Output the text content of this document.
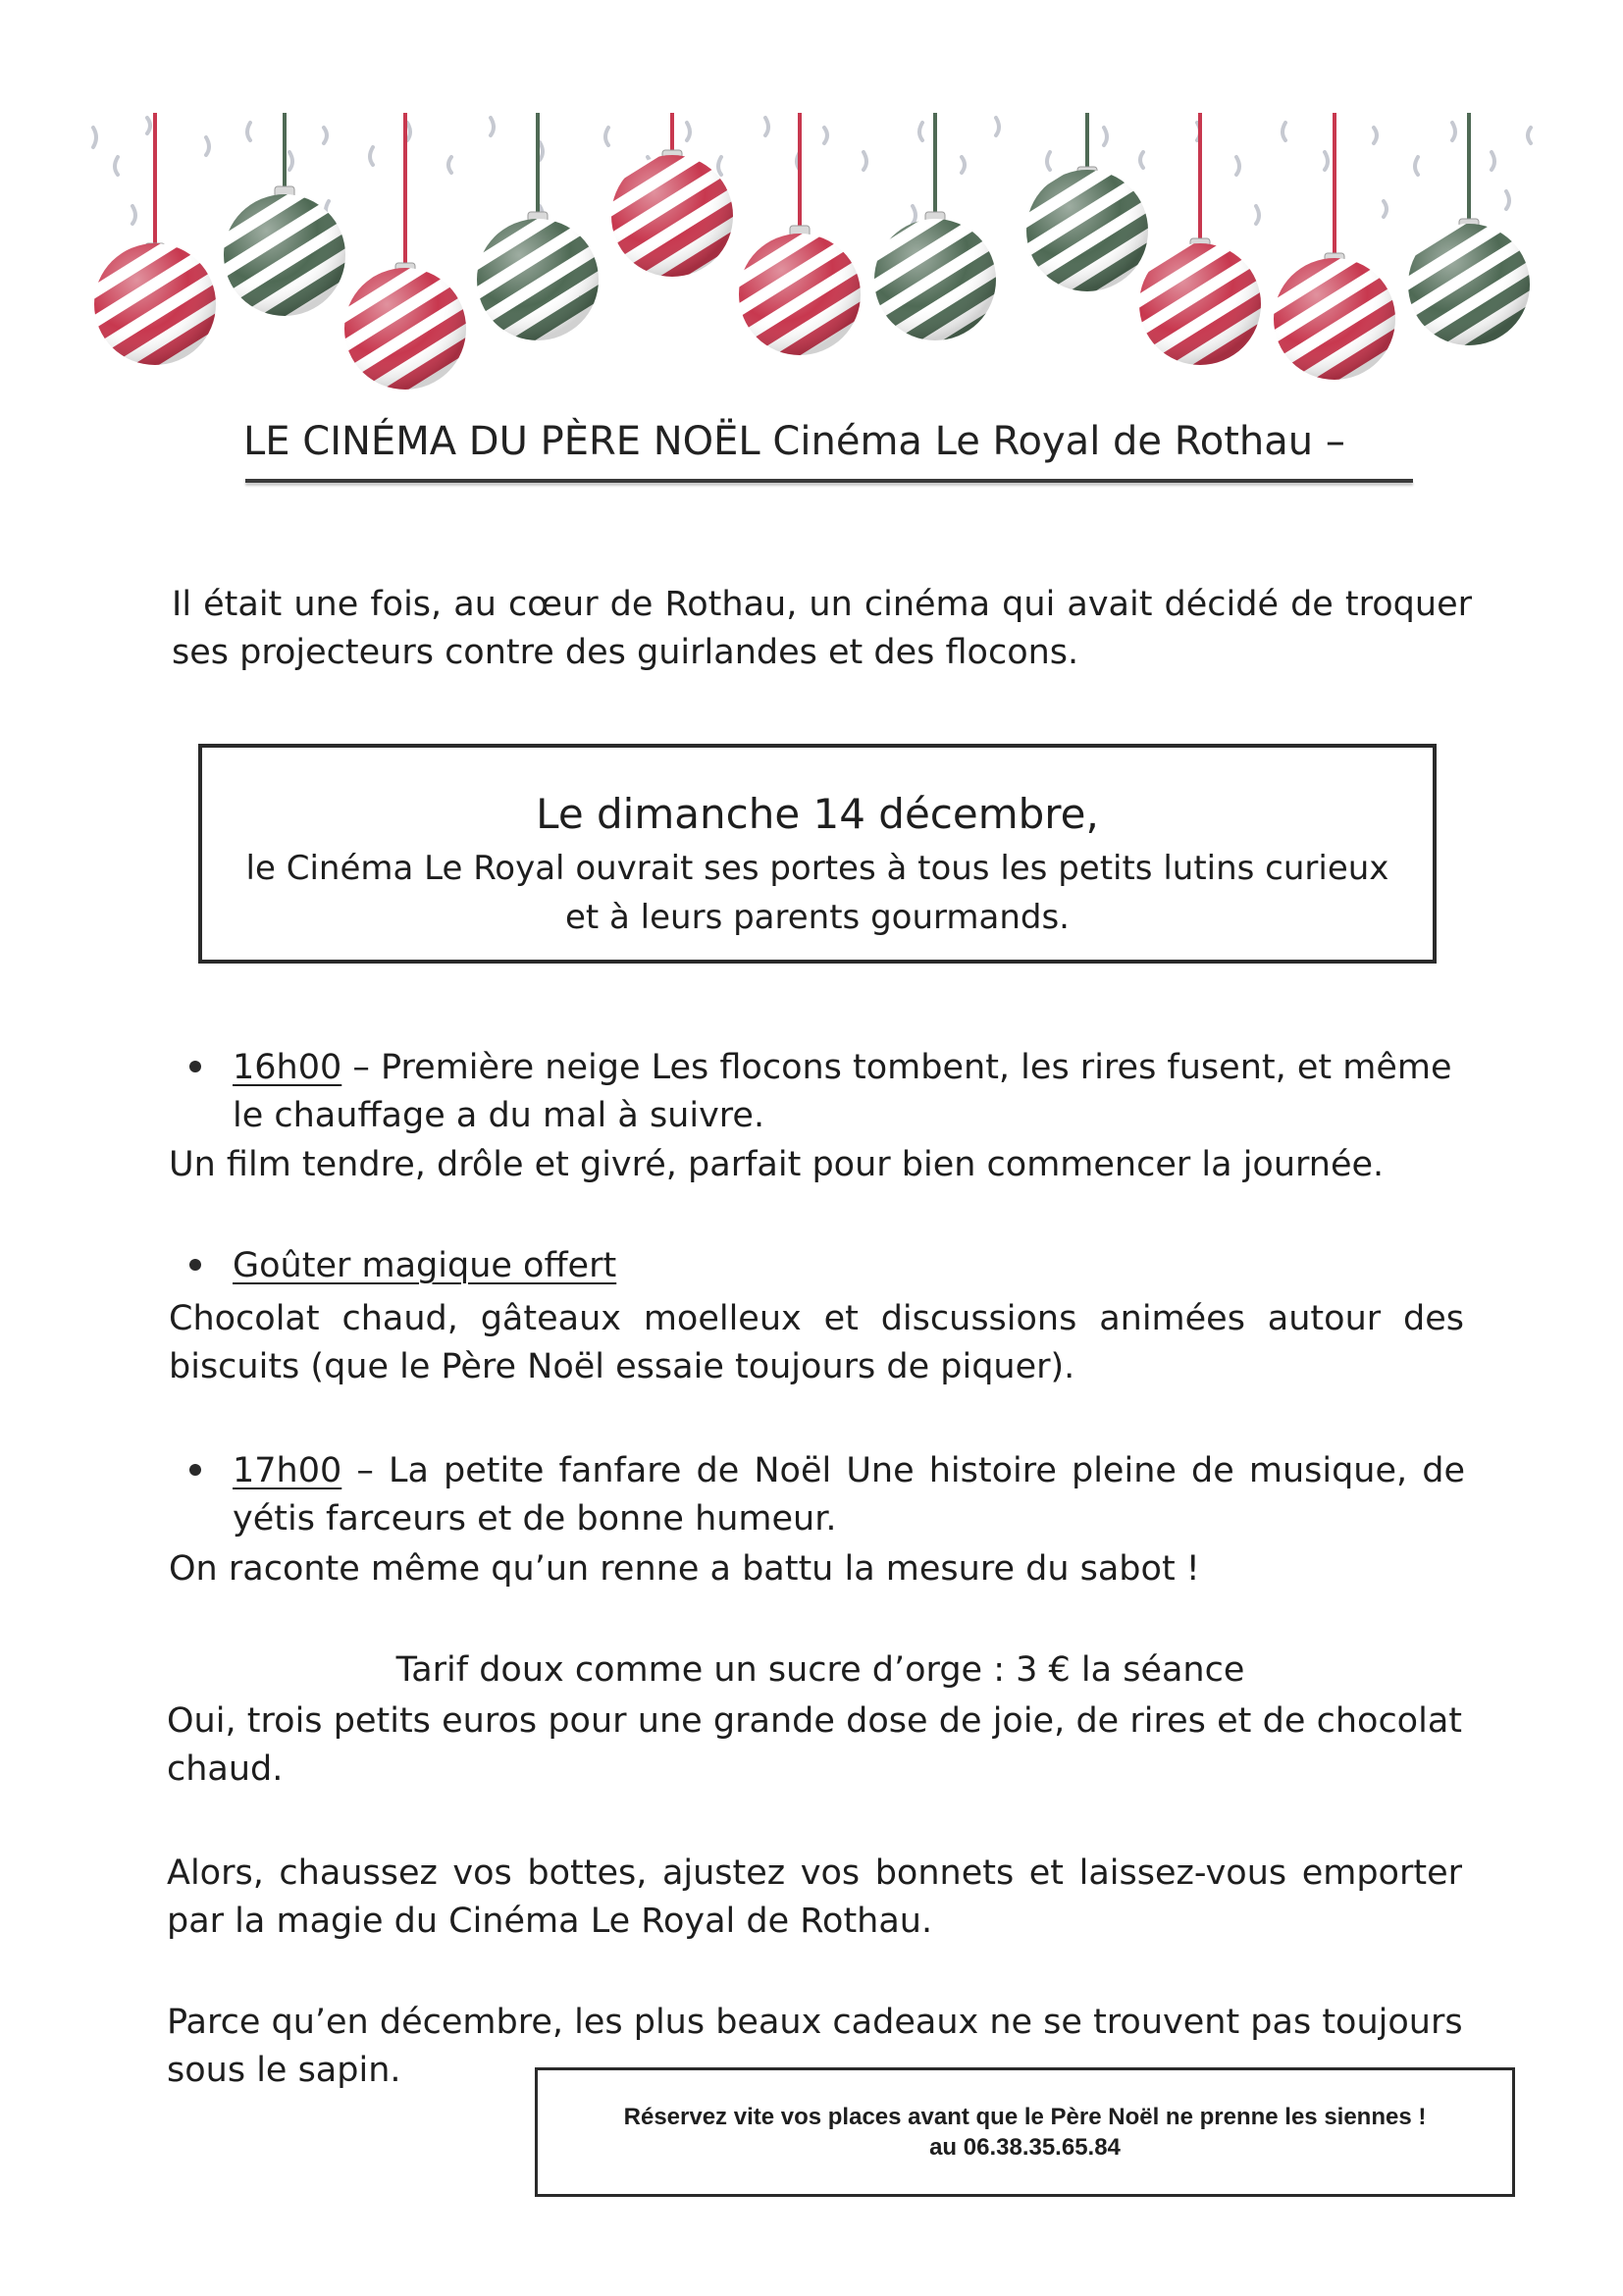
LE CINÉMA DU PÈRE NOËL Cinéma Le Royal de Rothau –
Il était une fois, au cœur de Rothau, un cinéma qui avait décidé de troquer ses projecteurs contre des guirlandes et des flocons.
Le dimanche 14 décembre,
le Cinéma Le Royal ouvrait ses portes à tous les petits lutins curieux et à leurs parents gourmands.
16h00 – Première neige Les flocons tombent, les rires fusent, et même le chauffage a du mal à suivre.
Un film tendre, drôle et givré, parfait pour bien commencer la journée.
Goûter magique offert
Chocolat chaud, gâteaux moelleux et discussions animées autour des biscuits (que le Père Noël essaie toujours de piquer).
17h00 – La petite fanfare de Noël Une histoire pleine de musique, de yétis farceurs et de bonne humeur.
On raconte même qu’un renne a battu la mesure du sabot !
Tarif doux comme un sucre d’orge : 3 € la séance
Oui, trois petits euros pour une grande dose de joie, de rires et de chocolat chaud.
Alors, chaussez vos bottes, ajustez vos bonnets et laissez-vous emporter par la magie du Cinéma Le Royal de Rothau.
Parce qu’en décembre, les plus beaux cadeaux ne se trouvent pas toujours sous le sapin.
Réservez vite vos places avant que le Père Noël ne prenne les siennes !
au 06.38.35.65.84
